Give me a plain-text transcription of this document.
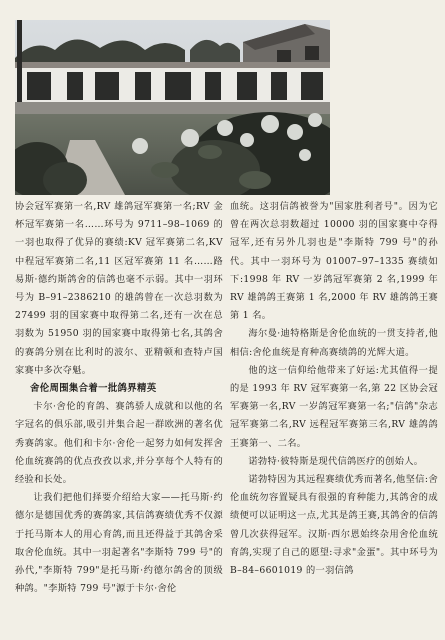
协会冠军赛第一名,RV 雄鸽冠军赛第一名;RV 金杯冠军赛第一名……环号为 9711–98–1069 的一羽也取得了优异的赛绩:KV 冠军赛第二名,KV 中程冠军赛第二名,11 区冠军赛第 11 名……路易斯·德约斯鸽舍的信鸽也毫不示弱。其中一羽环号为 B–91–2386210 的雄鸽曾在一次总羽数为 27499 羽的国家赛中取得第二名,还有一次在总羽数为 51950 羽的国家赛中取得第七名,其鸽舍的赛鸽分别在比利时的波尔、亚精顿和查特卢国家赛中多次夺魁。

舍伦周围集合着一批鸽界精英

卡尔·舍伦的育鸽、赛鸽骄人成就和以他的名字冠名的俱乐部,吸引并集合起一群欧洲的著名优秀赛鸽家。他们和卡尔·舍伦一起努力如何发挥舍伦血统赛鸽的优点孜孜以求,并分享每个人特有的经验和长处。

让我们把他们择要介绍给大家——托马斯·约德尔是德国优秀的赛鸽家,其信鸽赛绩优秀不仅源于托马斯本人的用心育鸽,而且还得益于其鸽舍采取舍伦血统。其中一羽起著名"李斯特 799 号"的孙代,"李斯特 799"是托马斯·约德尔鸽舍的顶级种鸽。"李斯特 799 号"源于卡尔·舍伦

血统。这羽信鸽被誉为"国家胜利者号"。因为它曾在两次总羽数超过 10000 羽的国家赛中夺得冠军,还有另外几羽也是"李斯特 799 号"的孙代。其中一羽环号为 01007–97–1335 赛绩如下:1998 年 RV 一岁鸽冠军赛第 2 名,1999 年 RV 雄鸽鸽王赛第 1 名,2000 年 RV 雄鸽鸽王赛第 1 名。

海尔曼·迪特格斯是舍伦血统的一贯支持者,他相信:舍伦血统是育种高赛绩鸽的光辉大道。

他的这一信仰给他带来了好运:尤其值得一提的是 1993 年 RV 冠军赛第一名,第 22 区协会冠军赛第一名,RV 一岁鸽冠军赛第一名;"信鸽"杂志冠军赛第二名,RV 远程冠军赛第三名,RV 雄鸽鸽王赛第一、二名。

诺勃特·彼特斯是现代信鸽医疗的创始人。

诺勃特因为其远程赛绩优秀而著名,他坚信:舍伦血统勿容置疑具有很强的育种能力,其鸽舍的成绩便可以证明这一点,尤其是鸽王赛,其鸽舍的信鸽曾几次获得冠军。汉斯·西尔恩始终杂用舍伦血统育鸽,实现了自己的愿望:寻求"金蛋"。其中环号为 B–84–6601019 的一羽信鸽
